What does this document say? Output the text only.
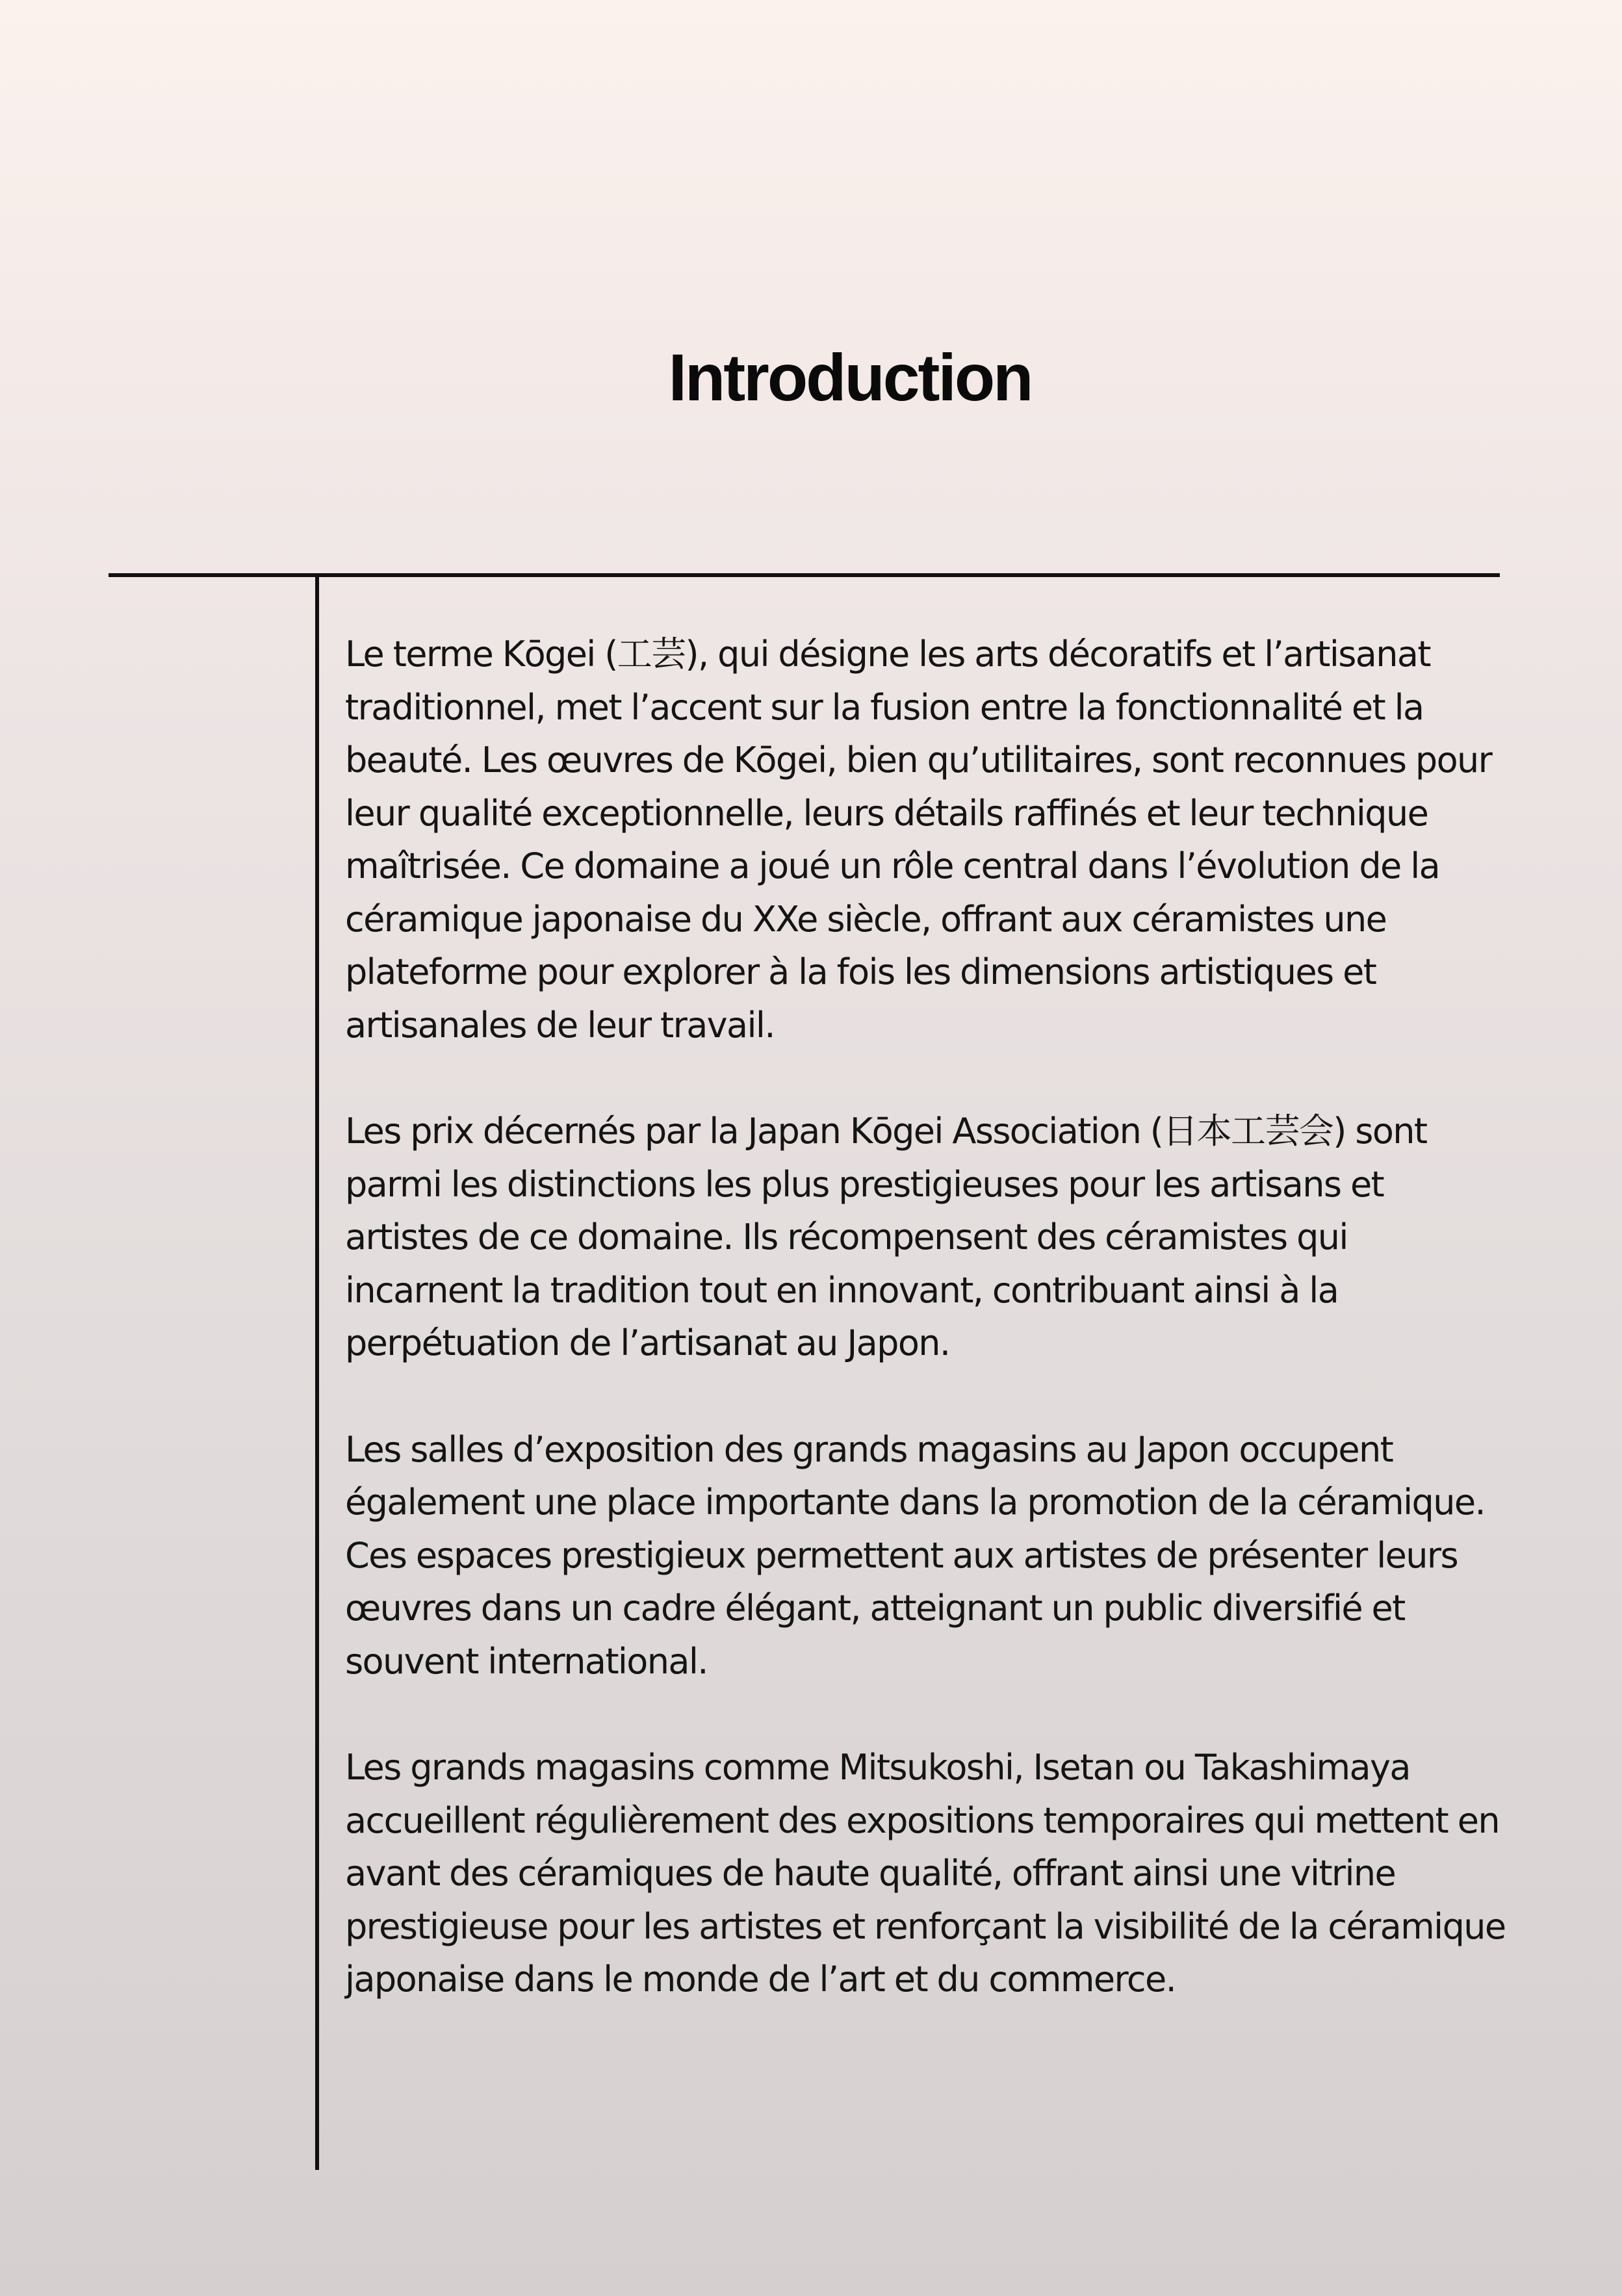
Introduction

Le terme Kōgei (工芸), qui désigne les arts décoratifs et l’artisanat traditionnel, met l’accent sur la fusion entre la fonctionnalité et la beauté. Les œuvres de Kōgei, bien qu’utilitaires, sont reconnues pour leur qualité exceptionnelle, leurs détails raffinés et leur technique maîtrisée. Ce domaine a joué un rôle central dans l’évolution de la céramique japonaise du XXe siècle, offrant aux céramistes une plateforme pour explorer à la fois les dimensions artistiques et artisanales de leur travail.

Les prix décernés par la Japan Kōgei Association (日本工芸会) sont parmi les distinctions les plus prestigieuses pour les artisans et artistes de ce domaine. Ils récompensent des céramistes qui incarnent la tradition tout en innovant, contribuant ainsi à la perpétuation de l’artisanat au Japon.

Les salles d’exposition des grands magasins au Japon occupent également une place importante dans la promotion de la céramique. Ces espaces prestigieux permettent aux artistes de présenter leurs œuvres dans un cadre élégant, atteignant un public diversifié et souvent international.

Les grands magasins comme Mitsukoshi, Isetan ou Takashimaya accueillent régulièrement des expositions temporaires qui mettent en avant des céramiques de haute qualité, offrant ainsi une vitrine prestigieuse pour les artistes et renforçant la visibilité de la céramique japonaise dans le monde de l’art et du commerce.
